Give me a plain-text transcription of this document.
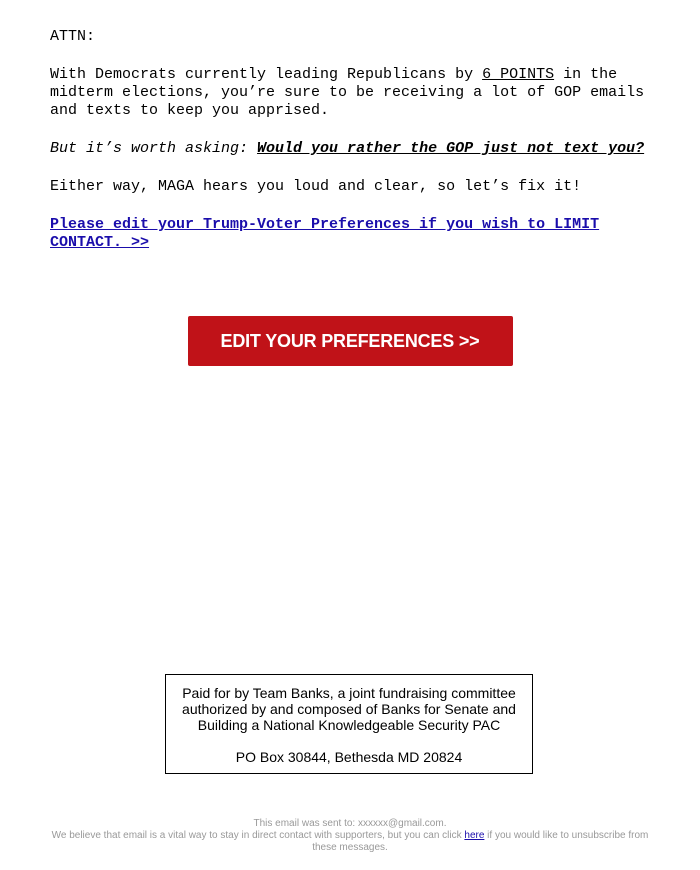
ATTN:

With Democrats currently leading Republicans by 6 POINTS in the midterm elections, you’re sure to be receiving a lot of GOP emails and texts to keep you apprised.

But it’s worth asking: Would you rather the GOP just not text you?

Either way, MAGA hears you loud and clear, so let’s fix it!

Please edit your Trump-Voter Preferences if you wish to LIMIT CONTACT. >>

EDIT YOUR PREFERENCES >>
Paid for by Team Banks, a joint fundraising committee authorized by and composed of Banks for Senate and Building a National Knowledgeable Security PAC
PO Box 30844, Bethesda MD 20824
This email was sent to: xxxxxx@gmail.com.
We believe that email is a vital way to stay in direct contact with supporters, but you can click here if you would like to unsubscribe from these messages.
